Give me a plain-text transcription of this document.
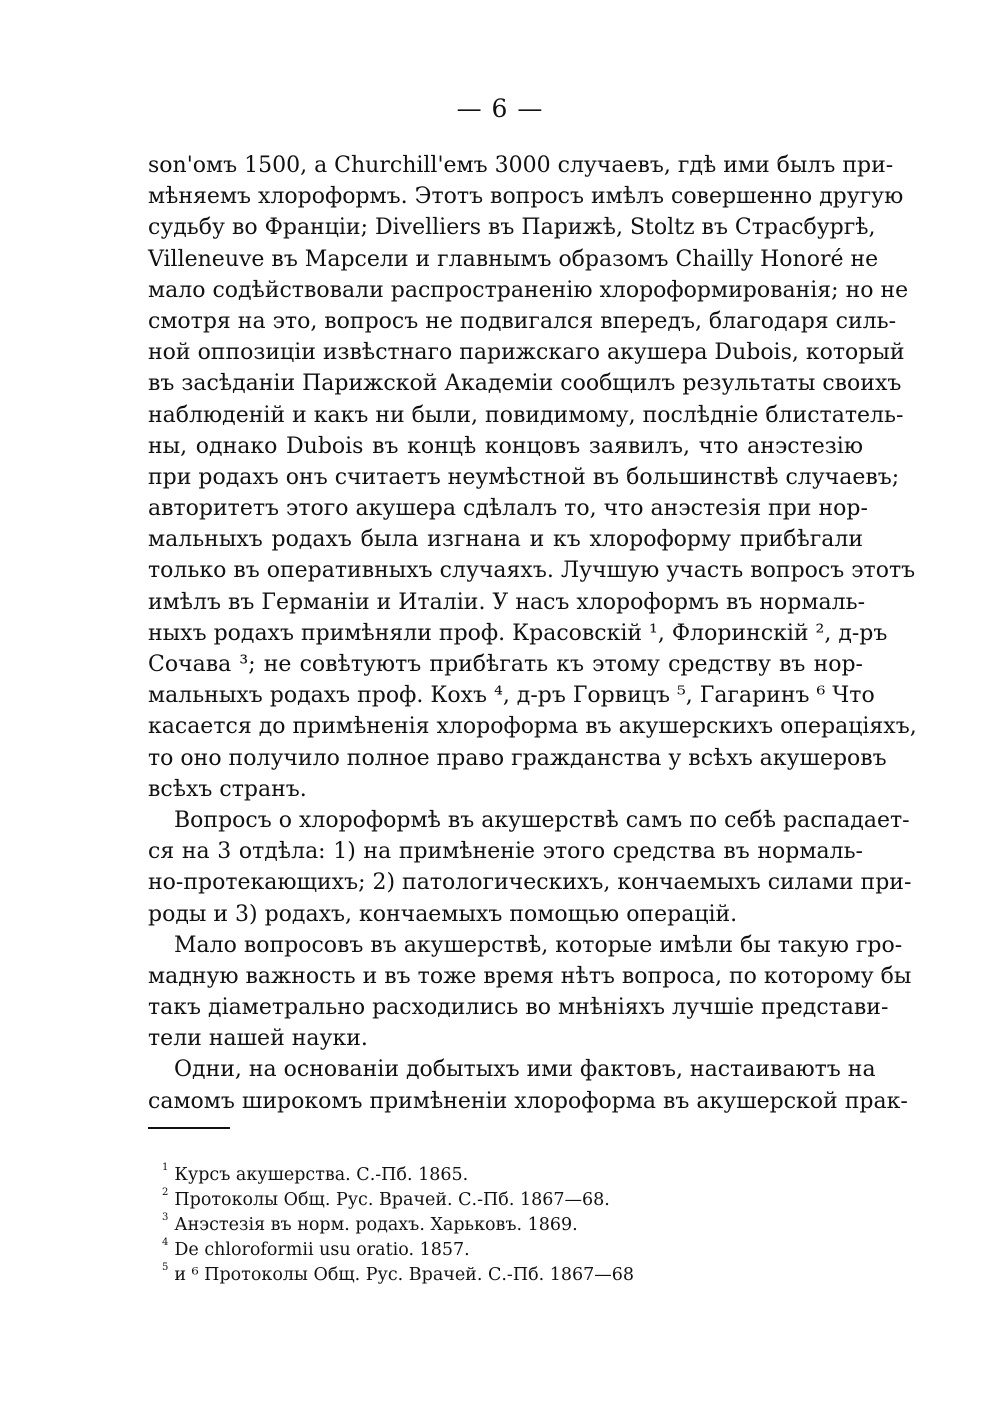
— 6 —
son'омъ 1500, а Churchill'емъ 3000 случаевъ, гдѣ ими былъ при-
мѣняемъ хлороформъ. Этотъ вопросъ имѣлъ совершенно другую
судьбу во Франціи; Divelliers въ Парижѣ, Stoltz въ Страсбургѣ,
Villeneuve въ Марсели и главнымъ образомъ Chailly Honoré не
мало содѣйствовали распространенію хлороформированія; но не
смотря на это, вопросъ не подвигался впередъ, благодаря силь-
ной оппозиціи извѣстнаго парижскаго акушера Dubois, который
въ засѣданіи Парижской Академіи сообщилъ результаты своихъ
наблюденій и какъ ни были, повидимому, послѣдніе блистатель-
ны, однако Dubois въ концѣ концовъ заявилъ, что анэстезію
при родахъ онъ считаетъ неумѣстной въ большинствѣ случаевъ;
авторитетъ этого акушера сдѣлалъ то, что анэстезія при нор-
мальныхъ родахъ была изгнана и къ хлороформу прибѣгали
только въ оперативныхъ случаяхъ. Лучшую участь вопросъ этотъ
имѣлъ въ Германіи и Италіи. У насъ хлороформъ въ нормаль-
ныхъ родахъ примѣняли проф. Красовскій ¹, Флоринскій ², д-ръ
Сочава ³; не совѣтуютъ прибѣгать къ этому средству въ нор-
мальныхъ родахъ проф. Кохъ ⁴, д-ръ Горвицъ ⁵, Гагаринъ ⁶ Что
касается до примѣненія хлороформа въ акушерскихъ операціяхъ,
то оно получило полное право гражданства у всѣхъ акушеровъ
всѣхъ странъ.
Вопросъ о хлороформѣ въ акушерствѣ самъ по себѣ распадает-
ся на 3 отдѣла: 1) на примѣненіе этого средства въ нормаль-
но-протекающихъ; 2) патологическихъ, кончаемыхъ силами при-
роды и 3) родахъ, кончаемыхъ помощью операцій.
Мало вопросовъ въ акушерствѣ, которые имѣли бы такую гро-
мадную важность и въ тоже время нѣтъ вопроса, по которому бы
такъ діаметрально расходились во мнѣніяхъ лучшіе представи-
тели нашей науки.
Одни, на основаніи добытыхъ ими фактовъ, настаиваютъ на
самомъ широкомъ примѣненіи хлороформа въ акушерской прак-
$^1$ Курсъ акушерства. С.-Пб. 1865.
$^2$ Протоколы Общ. Рус. Врачей. С.-Пб. 1867—68.
$^3$ Анэстезія въ норм. родахъ. Харьковъ. 1869.
$^4$ De chloroformii usu oratio. 1857.
$^5$ и ⁶ Протоколы Общ. Рус. Врачей. С.-Пб. 1867—68
